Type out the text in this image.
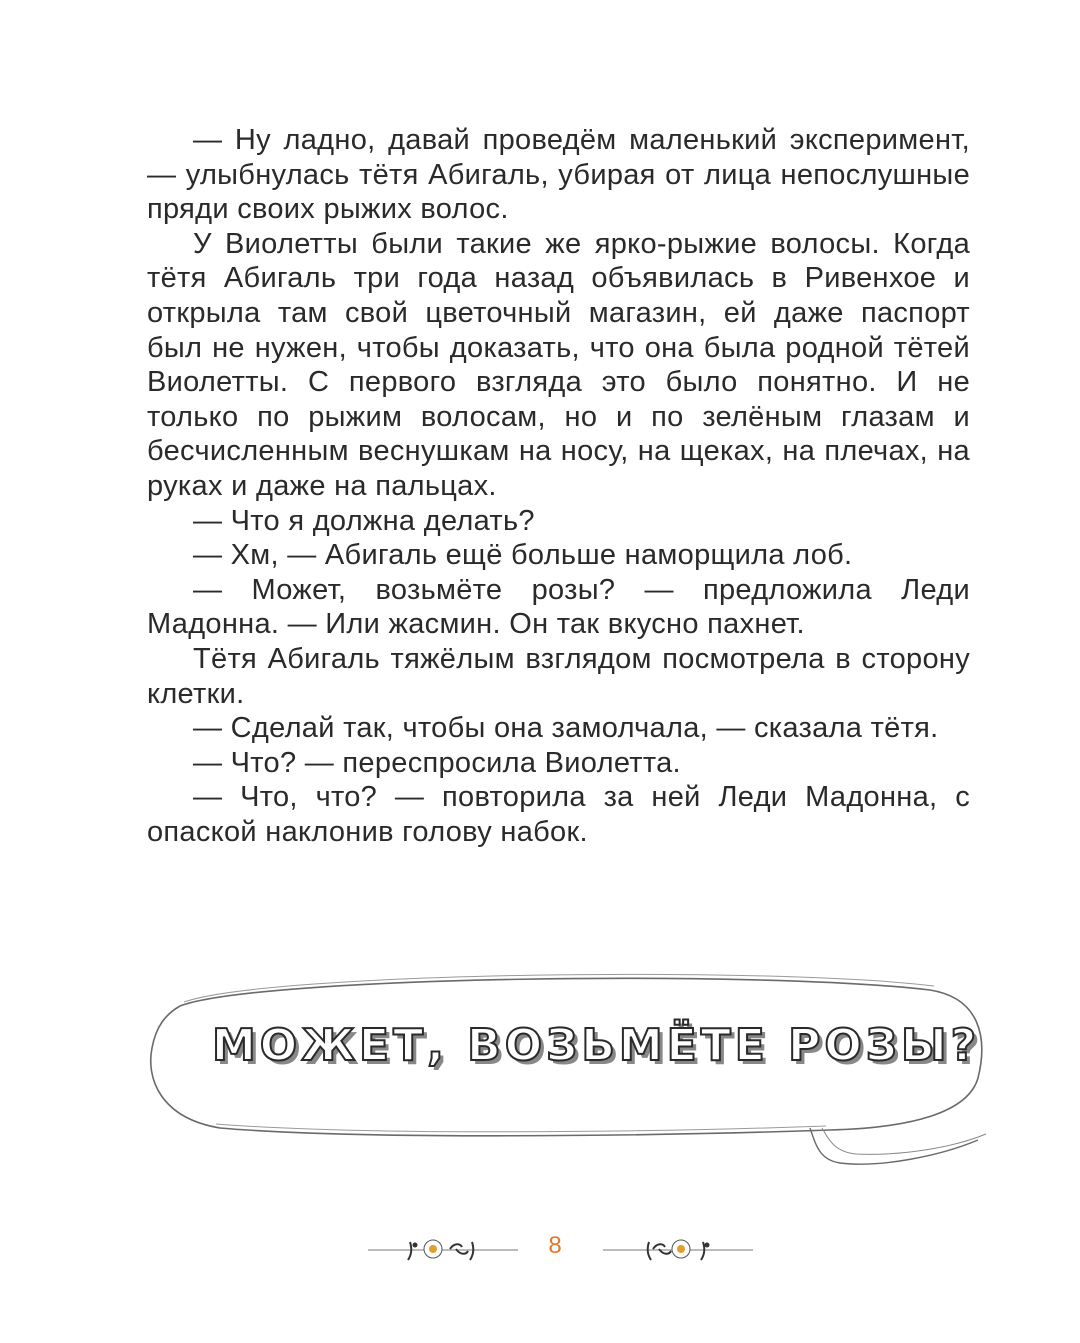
— Ну ладно, давай проведём маленький эксперимент, — улыбнулась тётя Абигаль, убирая от лица непослушные пряди своих рыжих волос.

У Виолетты были такие же ярко-рыжие волосы. Когда тётя Абигаль три года назад объявилась в Ривенхое и открыла там свой цветочный магазин, ей даже паспорт был не нужен, чтобы доказать, что она была родной тётей Виолетты. С первого взгляда это было понятно. И не только по рыжим волосам, но и по зелёным глазам и бесчисленным веснушкам на носу, на щеках, на плечах, на руках и даже на пальцах.

— Что я должна делать?

— Хм, — Абигаль ещё больше наморщила лоб.

— Может, возьмёте розы? — предложила Леди Мадонна. — Или жасмин. Он так вкусно пахнет.

Тётя Абигаль тяжёлым взглядом посмотрела в сторону клетки.

— Сделай так, чтобы она замолчала, — сказала тётя.

— Что? — переспросила Виолетта.

— Что, что? — повторила за ней Леди Мадонна, с опаской наклонив голову набок.

МОЖЕТ, ВОЗЬМЁТЕ РОЗЫ?
8
